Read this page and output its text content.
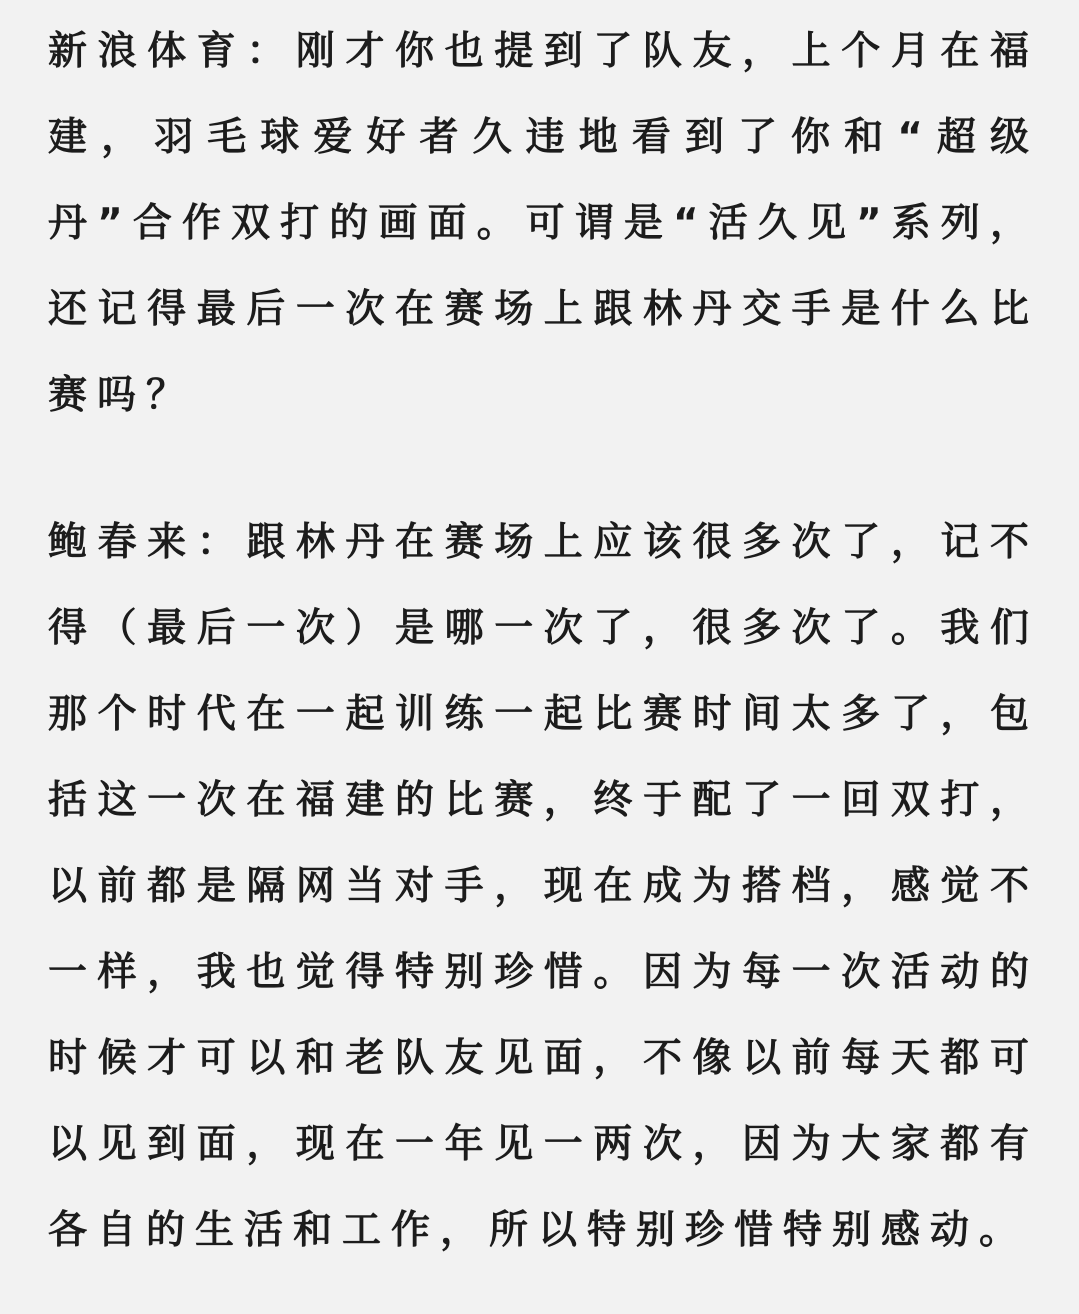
新浪体育：刚才你也提到了队友，上个月在福建，羽毛球爱好者久违地看到了你和“超级丹”合作双打的画面。可谓是“活久见”系列，还记得最后一次在赛场上跟林丹交手是什么比赛吗？

鲍春来：跟林丹在赛场上应该很多次了，记不得（最后一次）是哪一次了，很多次了。我们那个时代在一起训练一起比赛时间太多了，包括这一次在福建的比赛，终于配了一回双打，以前都是隔网当对手，现在成为搭档，感觉不一样，我也觉得特别珍惜。因为每一次活动的时候才可以和老队友见面，不像以前每天都可以见到面，现在一年见一两次，因为大家都有各自的生活和工作，所以特别珍惜特别感动。
